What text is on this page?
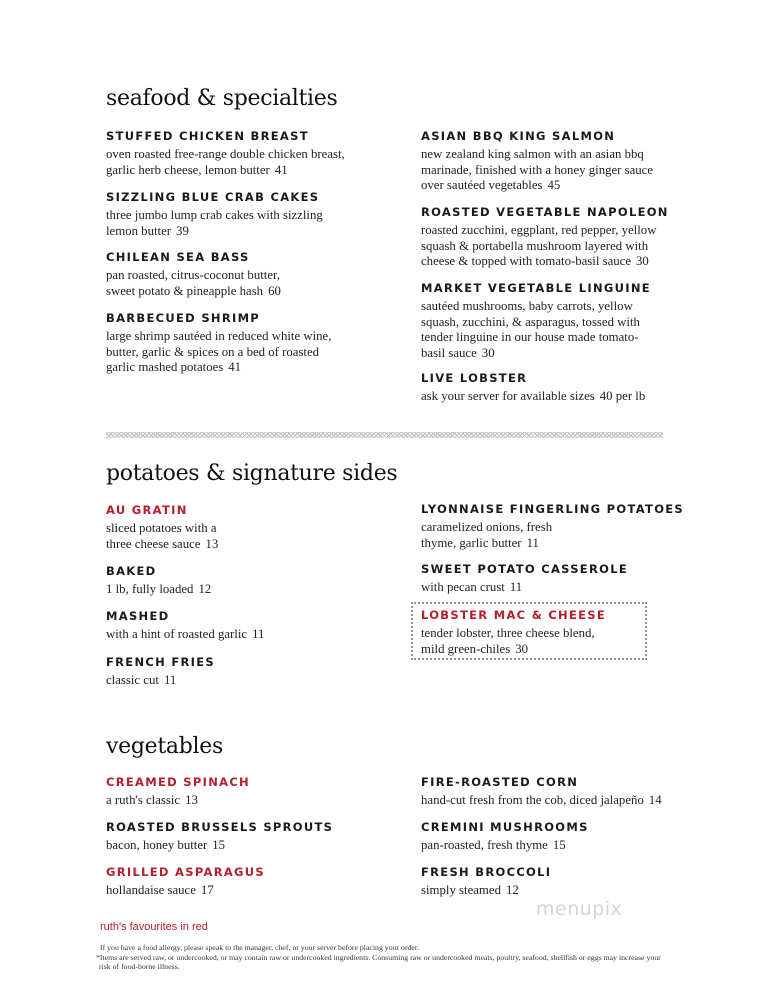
seafood & specialties
STUFFED CHICKEN BREAST
oven roasted free-range double chicken breast,
garlic herb cheese, lemon butter 41
SIZZLING BLUE CRAB CAKES
three jumbo lump crab cakes with sizzling
lemon butter 39
CHILEAN SEA BASS
pan roasted, citrus-coconut butter,
sweet potato & pineapple hash 60
BARBECUED SHRIMP
large shrimp sautéed in reduced white wine,
butter, garlic & spices on a bed of roasted
garlic mashed potatoes 41
ASIAN BBQ KING SALMON
new zealand king salmon with an asian bbq
marinade, finished with a honey ginger sauce
over sautéed vegetables 45
ROASTED VEGETABLE NAPOLEON
roasted zucchini, eggplant, red pepper, yellow
squash & portabella mushroom layered with
cheese & topped with tomato-basil sauce 30
MARKET VEGETABLE LINGUINE
sautéed mushrooms, baby carrots, yellow
squash, zucchini, & asparagus, tossed with
tender linguine in our house made tomato-
basil sauce 30
LIVE LOBSTER
ask your server for available sizes 40 per lb
potatoes & signature sides
AU GRATIN
sliced potatoes with a
three cheese sauce 13
BAKED
1 lb, fully loaded 12
MASHED
with a hint of roasted garlic 11
FRENCH FRIES
classic cut 11
LYONNAISE FINGERLING POTATOES
caramelized onions, fresh
thyme, garlic butter 11
SWEET POTATO CASSEROLE
with pecan crust 11
LOBSTER MAC & CHEESE
tender lobster, three cheese blend,
mild green-chiles 30
vegetables
CREAMED SPINACH
a ruth's classic 13
ROASTED BRUSSELS SPROUTS
bacon, honey butter 15
GRILLED ASPARAGUS
hollandaise sauce 17
FIRE-ROASTED CORN
hand-cut fresh from the cob, diced jalapeño 14
CREMINI MUSHROOMS
pan-roasted, fresh thyme 15
FRESH BROCCOLI
simply steamed 12
menupix
ruth's favourites in red
If you have a food allergy, please speak to the manager, chef, or your server before placing your order.
*Items are served raw, or undercooked, or may contain raw or undercooked ingredients. Consuming raw or undercooked meats, poultry, seafood, shellfish or eggs may increase your
risk of food-borne illness.
